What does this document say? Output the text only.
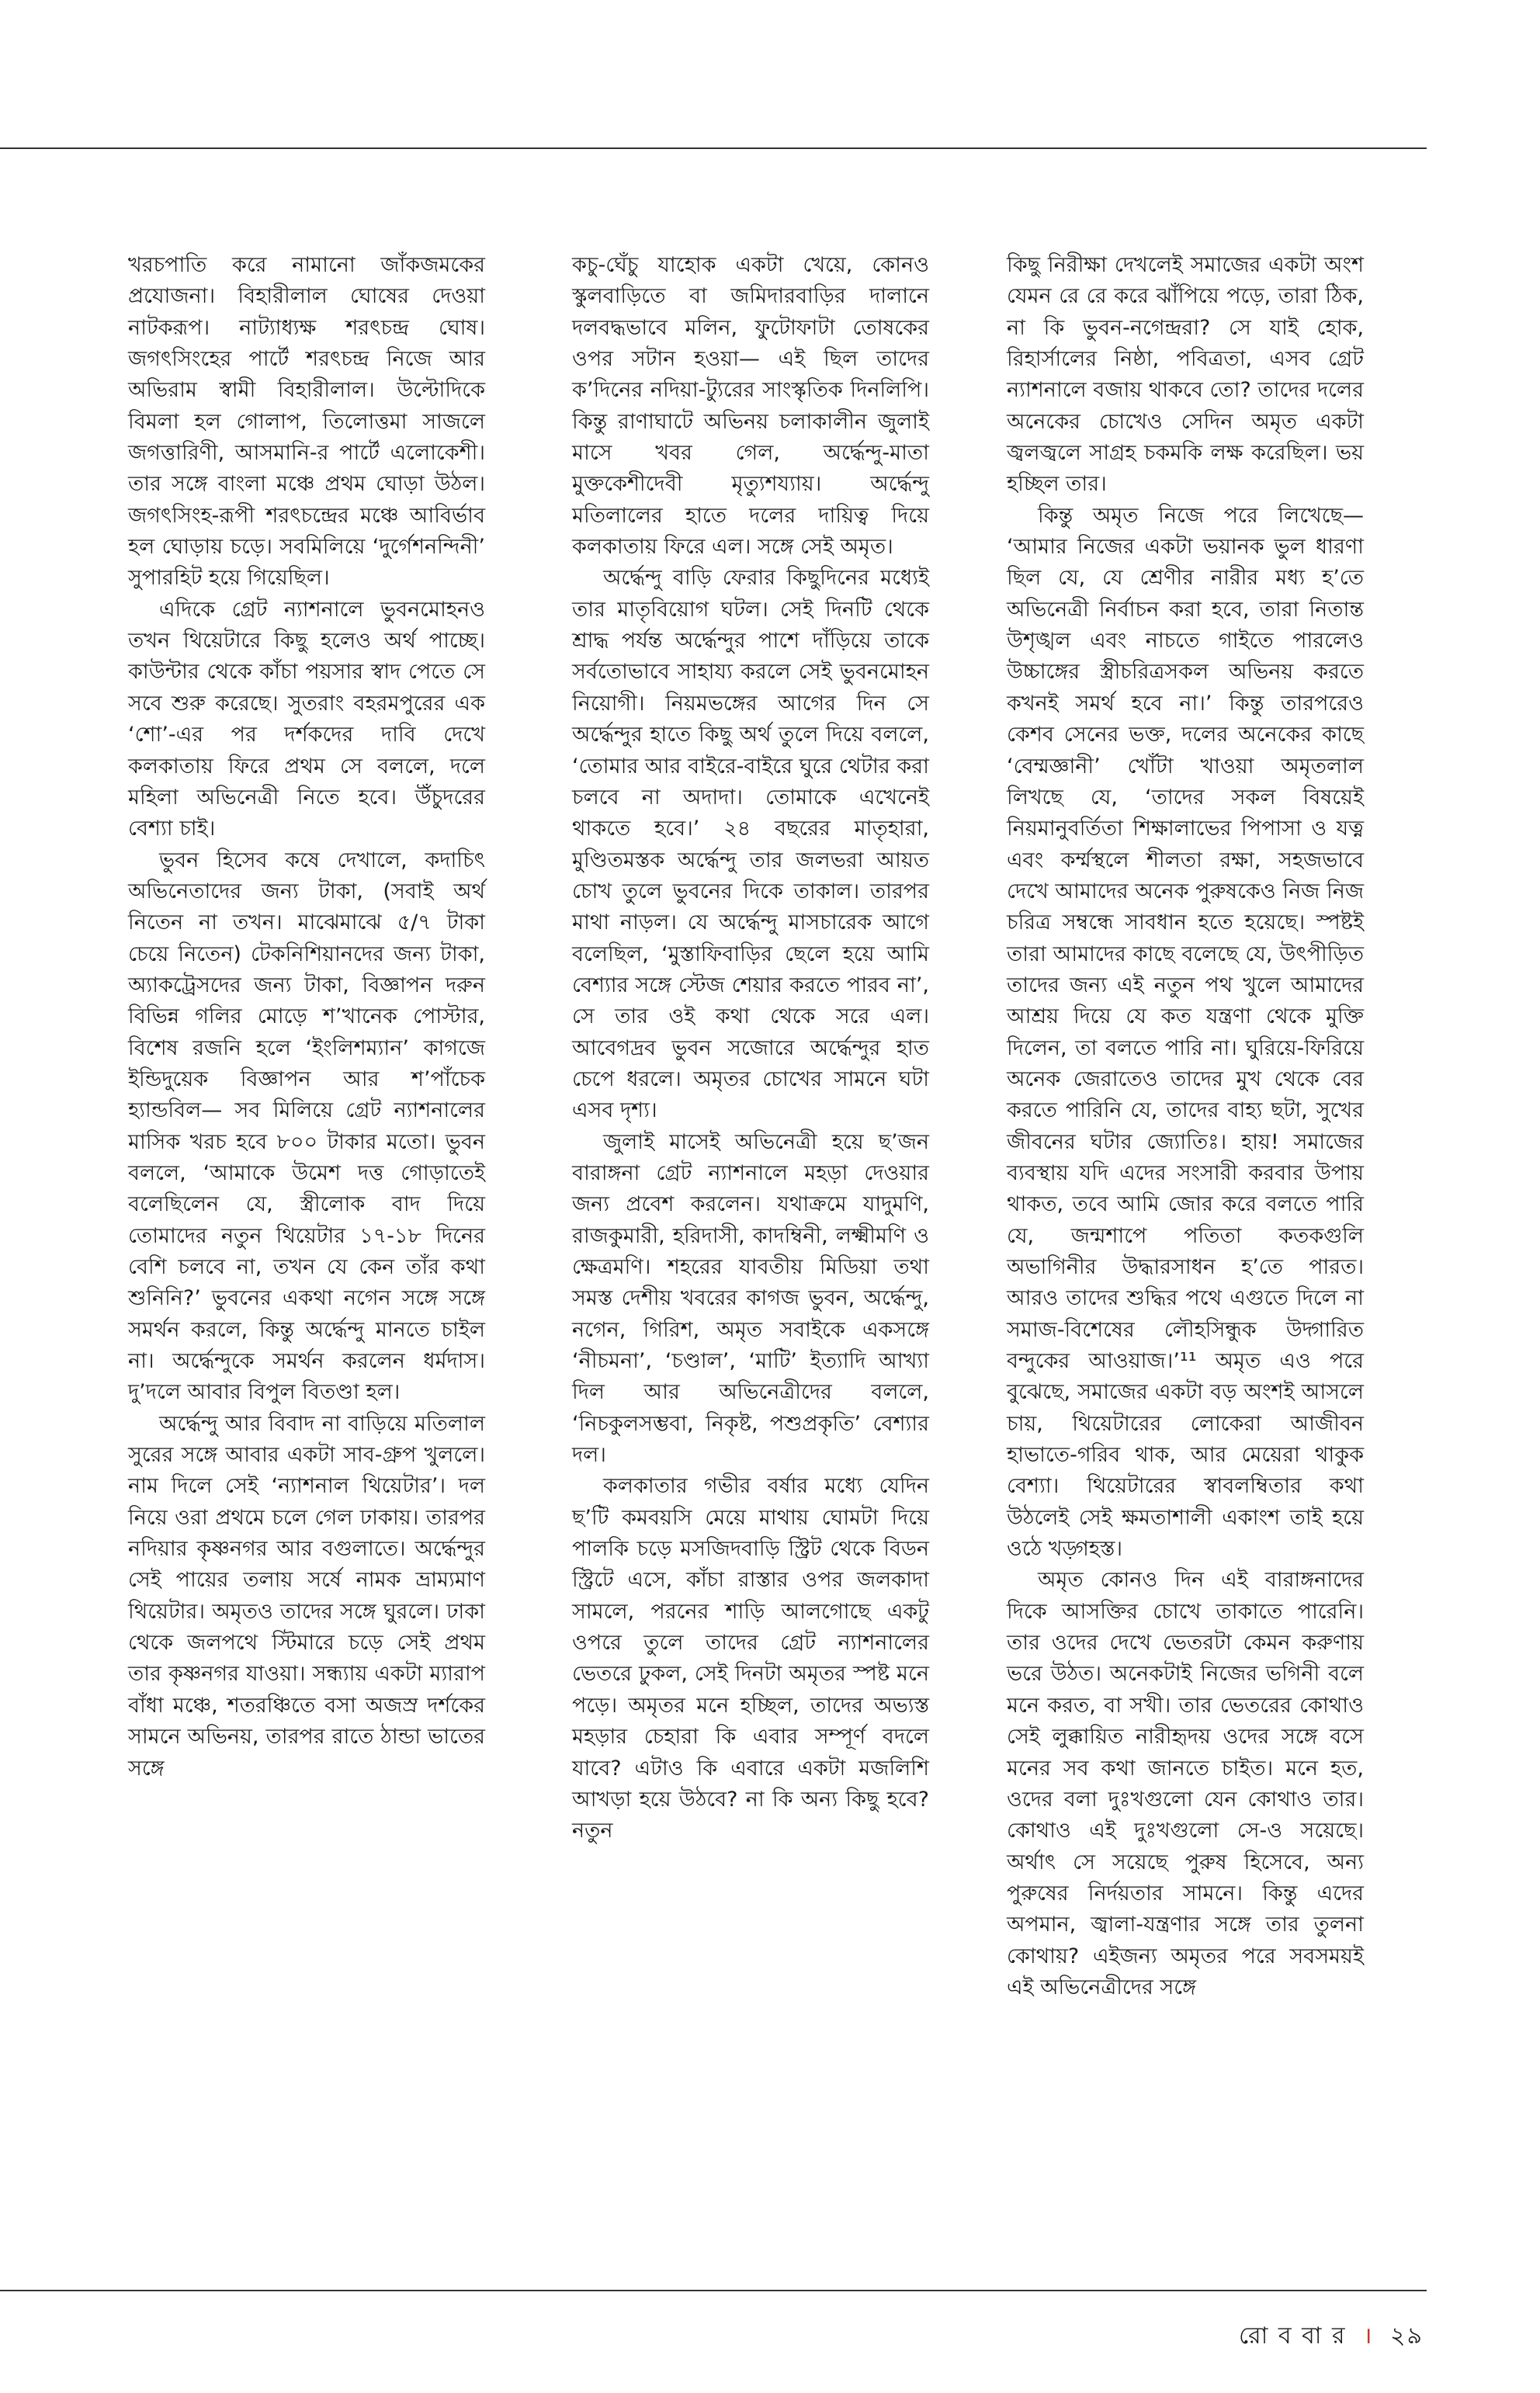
খরচপাতি করে নামানো জাঁকজমকের প্রযোজনা। বিহারীলাল ঘোষের দেওয়া নাটকরূপ। নাট্যাধ্যক্ষ শরৎচন্দ্র ঘোষ। জগৎসিংহের পার্টে শরৎচন্দ্র নিজে আর অভিরাম স্বামী বিহারীলাল। উল্টোদিকে বিমলা হল গোলাপ, তিলোত্তমা সাজলে জগত্তারিণী, আসমানি-র পার্টে এলোকেশী। তার সঙ্গে বাংলা মঞ্চে প্রথম ঘোড়া উঠল। জগৎসিংহ-রূপী শরৎচন্দ্রের মঞ্চে আবির্ভাব হল ঘোড়ায় চড়ে। সবমিলিয়ে ‘দুর্গেশনন্দিনী’ সুপারহিট হয়ে গিয়েছিল।

এদিকে গ্রেট ন্যাশনালে ভুবনমোহনও তখন থিয়েটারে কিছু হলেও অর্থ পাচ্ছে। কাউন্টার থেকে কাঁচা পয়সার স্বাদ পেতে সে সবে শুরু করেছে। সুতরাং বহরমপুরের এক ‘শো’-এর পর দর্শকদের দাবি দেখে কলকাতায় ফিরে প্রথম সে বললে, দলে মহিলা অভিনেত্রী নিতে হবে। উঁচুদরের বেশ্যা চাই।

ভুবন হিসেব কষে দেখালে, কদাচিৎ অভিনেতাদের জন্য টাকা, (সবাই অর্থ নিতেন না তখন। মাঝেমাঝে ৫/৭ টাকা চেয়ে নিতেন) টেকনিশিয়ানদের জন্য টাকা, অ্যাকট্রেসদের জন্য টাকা, বিজ্ঞাপন দরুন বিভিন্ন গলির মোড়ে শ’খানেক পোস্টার, বিশেষ রজনি হলে ‘ইংলিশম্যান’ কাগজে ইন্ডিদুয়েক বিজ্ঞাপন আর শ’পাঁচেক হ্যান্ডবিল— সব মিলিয়ে গ্রেট ন্যাশনালের মাসিক খরচ হবে ৮০০ টাকার মতো। ভুবন বললে, ‘আমাকে উমেশ দত্ত গোড়াতেই বলেছিলেন যে, স্ত্রীলোক বাদ দিয়ে তোমাদের নতুন থিয়েটার ১৭-১৮ দিনের বেশি চলবে না, তখন যে কেন তাঁর কথা শুনিনি?’ ভুবনের একথা নগেন সঙ্গে সঙ্গে সমর্থন করলে, কিন্তু অর্দ্ধেন্দু মানতে চাইল না। অর্দ্ধেন্দুকে সমর্থন করলেন ধর্মদাস। দু’দলে আবার বিপুল বিতণ্ডা হল।

অর্দ্ধেন্দু আর বিবাদ না বাড়িয়ে মতিলাল সুরের সঙ্গে আবার একটা সাব-গ্রুপ খুললে। নাম দিলে সেই ‘ন্যাশনাল থিয়েটার’। দল নিয়ে ওরা প্রথমে চলে গেল ঢাকায়। তারপর নদিয়ার কৃষ্ণনগর আর বগুলাতে। অর্দ্ধেন্দুর সেই পায়ের তলায় সর্ষে নামক ভ্রাম্যমাণ থিয়েটার। অমৃতও তাদের সঙ্গে ঘুরলে। ঢাকা থেকে জলপথে স্টিমারে চড়ে সেই প্রথম তার কৃষ্ণনগর যাওয়া। সন্ধ্যায় একটা ম্যারাপ বাঁধা মঞ্চে, শতরঞ্চিতে বসা অজস্র দর্শকের সামনে অভিনয়, তারপর রাতে ঠান্ডা ভাতের সঙ্গে

কচু-ঘেঁচু যাহোক একটা খেয়ে, কোনও স্কুলবাড়িতে বা জমিদারবাড়ির দালানে দলবদ্ধভাবে মলিন, ফুটোফাটা তোষকের ওপর সটান হওয়া— এই ছিল তাদের ক’দিনের নদিয়া-ট্যুরের সাংস্কৃতিক দিনলিপি। কিন্তু রাণাঘাটে অভিনয় চলাকালীন জুলাই মাসে খবর গেল, অর্দ্ধেন্দু-মাতা মুক্তকেশীদেবী মৃত্যুশয্যায়। অর্দ্ধেন্দু মতিলালের হাতে দলের দায়িত্ব দিয়ে কলকাতায় ফিরে এল। সঙ্গে সেই অমৃত।

অর্দ্ধেন্দু বাড়ি ফেরার কিছুদিনের মধ্যেই তার মাতৃবিয়োগ ঘটল। সেই দিনটি থেকে শ্রাদ্ধ পর্যন্ত অর্দ্ধেন্দুর পাশে দাঁড়িয়ে তাকে সর্বতোভাবে সাহায্য করলে সেই ভুবনমোহন নিয়োগী। নিয়মভঙ্গের আগের দিন সে অর্দ্ধেন্দুর হাতে কিছু অর্থ তুলে দিয়ে বললে, ‘তোমার আর বাইরে-বাইরে ঘুরে থেটার করা চলবে না অদাদা। তোমাকে এখেনেই থাকতে হবে।’ ২৪ বছরের মাতৃহারা, মুণ্ডিতমস্তক অর্দ্ধেন্দু তার জলভরা আয়ত চোখ তুলে ভুবনের দিকে তাকাল। তারপর মাথা নাড়ল। যে অর্দ্ধেন্দু মাসচারেক আগে বলেছিল, ‘মুস্তাফিবাড়ির ছেলে হয়ে আমি বেশ্যার সঙ্গে স্টেজ শেয়ার করতে পারব না’, সে তার ওই কথা থেকে সরে এল। আবেগদ্রব ভুবন সজোরে অর্দ্ধেন্দুর হাত চেপে ধরলে। অমৃতর চোখের সামনে ঘটা এসব দৃশ্য।

জুলাই মাসেই অভিনেত্রী হয়ে ছ’জন বারাঙ্গনা গ্রেট ন্যাশনালে মহড়া দেওয়ার জন্য প্রবেশ করলেন। যথাক্রমে যাদুমণি, রাজকুমারী, হরিদাসী, কাদম্বিনী, লক্ষ্মীমণি ও ক্ষেত্রমণি। শহরের যাবতীয় মিডিয়া তথা সমস্ত দেশীয় খবরের কাগজ ভুবন, অর্দ্ধেন্দু, নগেন, গিরিশ, অমৃত সবাইকে একসঙ্গে ‘নীচমনা’, ‘চণ্ডাল’, ‘মাটি’ ইত্যাদি আখ্যা দিল আর অভিনেত্রীদের বললে, ‘নিচকুলসম্ভবা, নিকৃষ্ট, পশুপ্রকৃতি’ বেশ্যার দল।

কলকাতার গভীর বর্ষার মধ্যে যেদিন ছ’টি কমবয়সি মেয়ে মাথায় ঘোমটা দিয়ে পালকি চড়ে মসজিদবাড়ি স্ট্রিট থেকে বিডন স্ট্রিটে এসে, কাঁচা রাস্তার ওপর জলকাদা সামলে, পরনের শাড়ি আলগোছে একটু ওপরে তুলে তাদের গ্রেট ন্যাশনালের ভেতরে ঢুকল, সেই দিনটা অমৃতর স্পষ্ট মনে পড়ে। অমৃতর মনে হচ্ছিল, তাদের অভ্যস্ত মহড়ার চেহারা কি এবার সম্পূর্ণ বদলে যাবে? এটাও কি এবারে একটা মজলিশি আখড়া হয়ে উঠবে? না কি অন্য কিছু হবে? নতুন

কিছু নিরীক্ষা দেখলেই সমাজের একটা অংশ যেমন রে রে করে ঝাঁপিয়ে পড়ে, তারা ঠিক, না কি ভুবন-নগেন্দ্ররা? সে যাই হোক, রিহার্সালের নিষ্ঠা, পবিত্রতা, এসব গ্রেট ন্যাশনালে বজায় থাকবে তো? তাদের দলের অনেকের চোখেও সেদিন অমৃত একটা জ্বলজ্বলে সাগ্রহ চকমকি লক্ষ করেছিল। ভয় হচ্ছিল তার।

কিন্তু অমৃত নিজে পরে লিখেছে— ‘আমার নিজের একটা ভয়ানক ভুল ধারণা ছিল যে, যে শ্রেণীর নারীর মধ্য হ’তে অভিনেত্রী নির্বাচন করা হবে, তারা নিতান্ত উশৃঙ্খল এবং নাচতে গাইতে পারলেও উচ্চাঙ্গের স্ত্রীচরিত্রসকল অভিনয় করতে কখনই সমর্থ হবে না।’ কিন্তু তারপরেও কেশব সেনের ভক্ত, দলের অনেকের কাছে ‘বেম্মজ্ঞানী’ খোঁটা খাওয়া অমৃতলাল লিখছে যে, ‘তাদের সকল বিষয়েই নিয়মানুবর্তিতা শিক্ষালাভের পিপাসা ও যত্ন এবং কর্ম্মস্থলে শীলতা রক্ষা, সহজভাবে দেখে আমাদের অনেক পুরুষকেও নিজ নিজ চরিত্র সম্বন্ধে সাবধান হতে হয়েছে। স্পষ্টই তারা আমাদের কাছে বলেছে যে, উৎপীড়িত তাদের জন্য এই নতুন পথ খুলে আমাদের আশ্রয় দিয়ে যে কত যন্ত্রণা থেকে মুক্তি দিলেন, তা বলতে পারি না। ঘুরিয়ে-ফিরিয়ে অনেক জেরাতেও তাদের মুখ থেকে বের করতে পারিনি যে, তাদের বাহ্য ছটা, সুখের জীবনের ঘটার জ্যোতিঃ। হায়! সমাজের ব্যবস্থায় যদি এদের সংসারী করবার উপায় থাকত, তবে আমি জোর করে বলতে পারি যে, জন্মশাপে পতিতা কতকগুলি অভাগিনীর উদ্ধারসাধন হ’তে পারত। আরও তাদের শুদ্ধির পথে এগুতে দিলে না সমাজ-বিশেষের লৌহসিন্ধুক উদ্গারিত বন্দুকের আওয়াজ।’¹¹ অমৃত এও পরে বুঝেছে, সমাজের একটা বড় অংশই আসলে চায়, থিয়েটারের লোকেরা আজীবন হাভাতে-গরিব থাক, আর মেয়েরা থাকুক বেশ্যা। থিয়েটারের স্বাবলম্বিতার কথা উঠলেই সেই ক্ষমতাশালী একাংশ তাই হয়ে ওঠে খড়্গহস্ত।

অমৃত কোনও দিন এই বারাঙ্গনাদের দিকে আসক্তির চোখে তাকাতে পারেনি। তার ওদের দেখে ভেতরটা কেমন করুণায় ভরে উঠত। অনেকটাই নিজের ভগিনী বলে মনে করত, বা সখী। তার ভেতরের কোথাও সেই লুক্কায়িত নারীহৃদয় ওদের সঙ্গে বসে মনের সব কথা জানতে চাইত। মনে হত, ওদের বলা দুঃখগুলো যেন কোথাও তার। কোথাও এই দুঃখগুলো সে-ও সয়েছে। অর্থাৎ সে সয়েছে পুরুষ হিসেবে, অন্য পুরুষের নির্দয়তার সামনে। কিন্তু এদের অপমান, জ্বালা-যন্ত্রণার সঙ্গে তার তুলনা কোথায়? এইজন্য অমৃতর পরে সবসময়ই এই অভিনেত্রীদের সঙ্গে

রো ব বা র । ২৯
